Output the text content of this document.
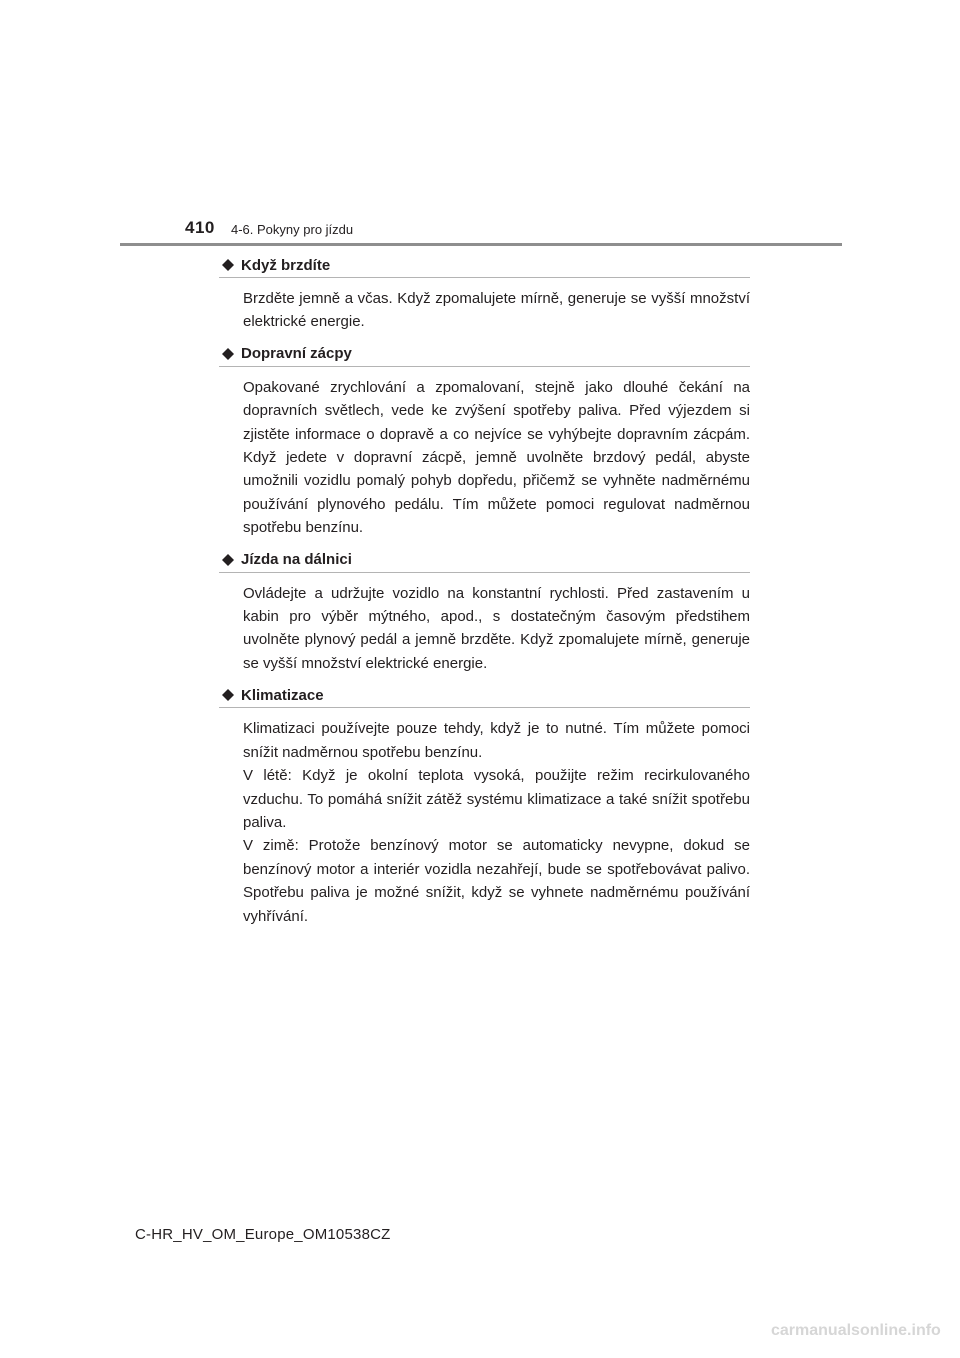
410 4-6. Pokyny pro jízdu
Když brzdíte

Brzděte jemně a včas. Když zpomalujete mírně, generuje se vyšší množství elektrické energie.

Dopravní zácpy

Opakované zrychlování a zpomalovaní, stejně jako dlouhé čekání na dopravních světlech, vede ke zvýšení spotřeby paliva. Před výjezdem si zjistěte informace o dopravě a co nejvíce se vyhýbejte dopravním zácpám. Když jedete v dopravní zácpě, jemně uvolněte brzdový pedál, abyste umožnili vozidlu pomalý pohyb dopředu, přičemž se vyhněte nadměrnému používání plynového pedálu. Tím můžete pomoci regulovat nadměrnou spotřebu benzínu.

Jízda na dálnici

Ovládejte a udržujte vozidlo na konstantní rychlosti. Před zastavením u kabin pro výběr mýtného, apod., s dostatečným časovým předstihem uvolněte plynový pedál a jemně brzděte. Když zpomalujete mírně, generuje se vyšší množství elektrické energie.

Klimatizace

Klimatizaci používejte pouze tehdy, když je to nutné. Tím můžete pomoci snížit nadměrnou spotřebu benzínu.

V létě: Když je okolní teplota vysoká, použijte režim recirkulovaného vzduchu. To pomáhá snížit zátěž systému klimatizace a také snížit spotřebu paliva.

V zimě: Protože benzínový motor se automaticky nevypne, dokud se benzínový motor a interiér vozidla nezahřejí, bude se spotřebovávat palivo. Spotřebu paliva je možné snížit, když se vyhnete nadměrnému používání vyhřívání.

C-HR_HV_OM_Europe_OM10538CZ
carmanualsonline.info
